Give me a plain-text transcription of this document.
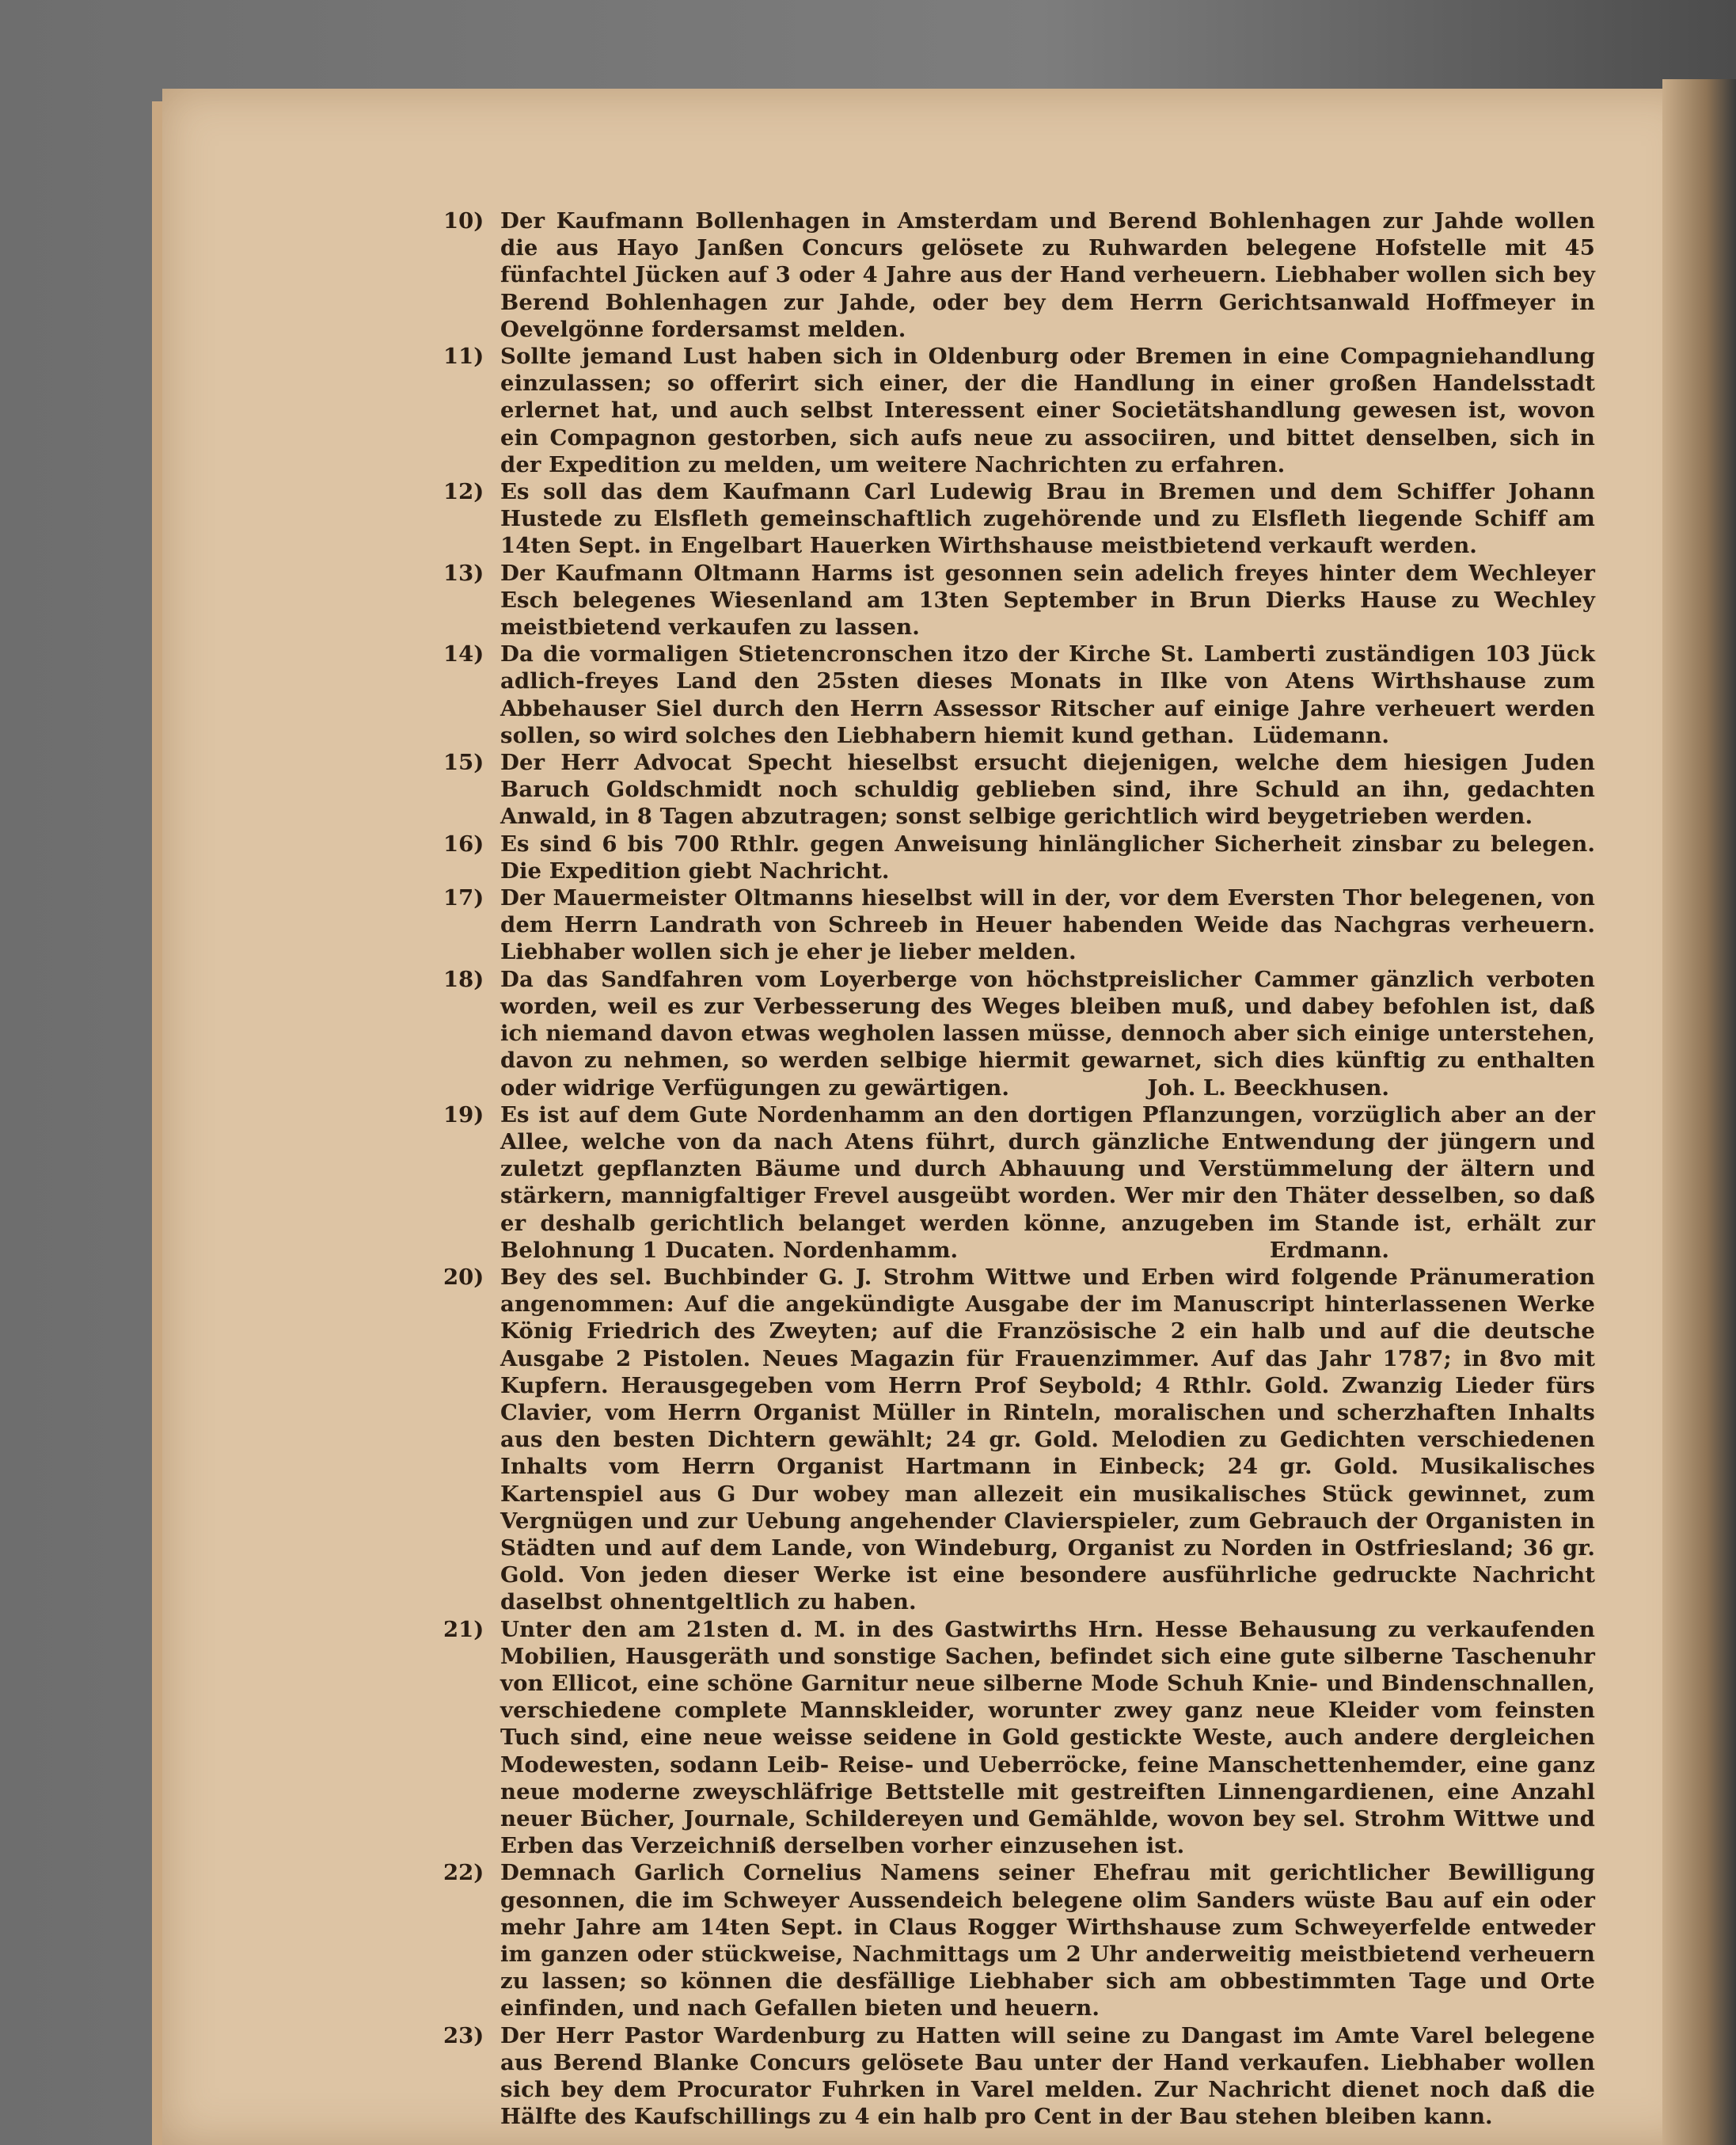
10) Der Kaufmann Bollenhagen in Amsterdam und Berend Bohlenhagen zur Jahde wollen die aus Hayo Janßen Concurs gelösete zu Ruhwarden belegene Hofstelle mit 45 fünfachtel Jücken auf 3 oder 4 Jahre aus der Hand verheuern. Liebhaber wollen sich bey Berend Bohlenhagen zur Jahde, oder bey dem Herrn Gerichtsanwald Hoffmeyer in Oevelgönne fordersamst melden.

11) Sollte jemand Lust haben sich in Oldenburg oder Bremen in eine Compagniehandlung einzulassen; so offerirt sich einer, der die Handlung in einer großen Handelsstadt erlernet hat, und auch selbst Interessent einer Societätshandlung gewesen ist, wovon ein Compagnon gestorben, sich aufs neue zu associiren, und bittet denselben, sich in der Expedition zu melden, um weitere Nachrichten zu erfahren.

12) Es soll das dem Kaufmann Carl Ludewig Brau in Bremen und dem Schiffer Johann Hustede zu Elsfleth gemeinschaftlich zugehörende und zu Elsfleth liegende Schiff am 14ten Sept. in Engelbart Hauerken Wirthshause meistbietend verkauft werden.

13) Der Kaufmann Oltmann Harms ist gesonnen sein adelich freyes hinter dem Wechleyer Esch belegenes Wiesenland am 13ten September in Brun Dierks Hause zu Wechley meistbietend verkaufen zu lassen.

14) Da die vormaligen Stietencronschen itzo der Kirche St. Lamberti zuständigen 103 Jück adlich-freyes Land den 25sten dieses Monats in Ilke von Atens Wirthshause zum Abbehauser Siel durch den Herrn Assessor Ritscher auf einige Jahre verheuert werden sollen, so wird solches den Liebhabern hiemit kund gethan. Lüdemann.

15) Der Herr Advocat Specht hieselbst ersucht diejenigen, welche dem hiesigen Juden Baruch Goldschmidt noch schuldig geblieben sind, ihre Schuld an ihn, gedachten Anwald, in 8 Tagen abzutragen; sonst selbige gerichtlich wird beygetrieben werden.

16) Es sind 6 bis 700 Rthlr. gegen Anweisung hinlänglicher Sicherheit zinsbar zu belegen. Die Expedition giebt Nachricht.

17) Der Mauermeister Oltmanns hieselbst will in der, vor dem Eversten Thor belegenen, von dem Herrn Landrath von Schreeb in Heuer habenden Weide das Nachgras verheuern. Liebhaber wollen sich je eher je lieber melden.

18) Da das Sandfahren vom Loyerberge von höchstpreislicher Cammer gänzlich verboten worden, weil es zur Verbesserung des Weges bleiben muß, und dabey befohlen ist, daß ich niemand davon etwas wegholen lassen müsse, dennoch aber sich einige unterstehen, davon zu nehmen, so werden selbige hiermit gewarnet, sich dies künftig zu enthalten oder widrige Verfügungen zu gewärtigen.	Joh. L. Beeckhusen.

19) Es ist auf dem Gute Nordenhamm an den dortigen Pflanzungen, vorzüglich aber an der Allee, welche von da nach Atens führt, durch gänzliche Entwendung der jüngern und zuletzt gepflanzten Bäume und durch Abhauung und Verstümmelung der ältern und stärkern, mannigfaltiger Frevel ausgeübt worden. Wer mir den Thäter desselben, so daß er deshalb gerichtlich belanget werden könne, anzugeben im Stande ist, erhält zur Belohnung 1 Ducaten. Nordenhamm.	Erdmann.

20) Bey des sel. Buchbinder G. J. Strohm Wittwe und Erben wird folgende Pränumeration angenommen: Auf die angekündigte Ausgabe der im Manuscript hinterlassenen Werke König Friedrich des Zweyten; auf die Französische 2 ein halb und auf die deutsche Ausgabe 2 Pistolen. Neues Magazin für Frauenzimmer. Auf das Jahr 1787; in 8vo mit Kupfern. Herausgegeben vom Herrn Prof Seybold; 4 Rthlr. Gold. Zwanzig Lieder fürs Clavier, vom Herrn Organist Müller in Rinteln, moralischen und scherzhaften Inhalts aus den besten Dichtern gewählt; 24 gr. Gold. Melodien zu Gedichten verschiedenen Inhalts vom Herrn Organist Hartmann in Einbeck; 24 gr. Gold. Musikalisches Kartenspiel aus G Dur wobey man allezeit ein musikalisches Stück gewinnet, zum Vergnügen und zur Uebung angehender Clavierspieler, zum Gebrauch der Organisten in Städten und auf dem Lande, von Windeburg, Organist zu Norden in Ostfriesland; 36 gr. Gold. Von jeden dieser Werke ist eine besondere ausführliche gedruckte Nachricht daselbst ohnentgeltlich zu haben.

21) Unter den am 21sten d. M. in des Gastwirths Hrn. Hesse Behausung zu verkaufenden Mobilien, Hausgeräth und sonstige Sachen, befindet sich eine gute silberne Taschenuhr von Ellicot, eine schöne Garnitur neue silberne Mode Schuh Knie- und Bindenschnallen, verschiedene complete Mannskleider, worunter zwey ganz neue Kleider vom feinsten Tuch sind, eine neue weisse seidene in Gold gestickte Weste, auch andere dergleichen Modewesten, sodann Leib- Reise- und Ueberröcke, feine Manschettenhemder, eine ganz neue moderne zweyschläfrige Bettstelle mit gestreiften Linnengardienen, eine Anzahl neuer Bücher, Journale, Schildereyen und Gemählde, wovon bey sel. Strohm Wittwe und Erben das Verzeichniß derselben vorher einzusehen ist.

22) Demnach Garlich Cornelius Namens seiner Ehefrau mit gerichtlicher Bewilligung gesonnen, die im Schweyer Aussendeich belegene olim Sanders wüste Bau auf ein oder mehr Jahre am 14ten Sept. in Claus Rogger Wirthshause zum Schweyerfelde entweder im ganzen oder stückweise, Nachmittags um 2 Uhr anderweitig meistbietend verheuern zu lassen; so können die desfällige Liebhaber sich am obbestimmten Tage und Orte einfinden, und nach Gefallen bieten und heuern.

23) Der Herr Pastor Wardenburg zu Hatten will seine zu Dangast im Amte Varel belegene aus Berend Blanke Concurs gelösete Bau unter der Hand verkaufen. Liebhaber wollen sich bey dem Procurator Fuhrken in Varel melden. Zur Nachricht dienet noch daß die Hälfte des Kaufschillings zu 4 ein halb pro Cent in der Bau stehen bleiben kann.
